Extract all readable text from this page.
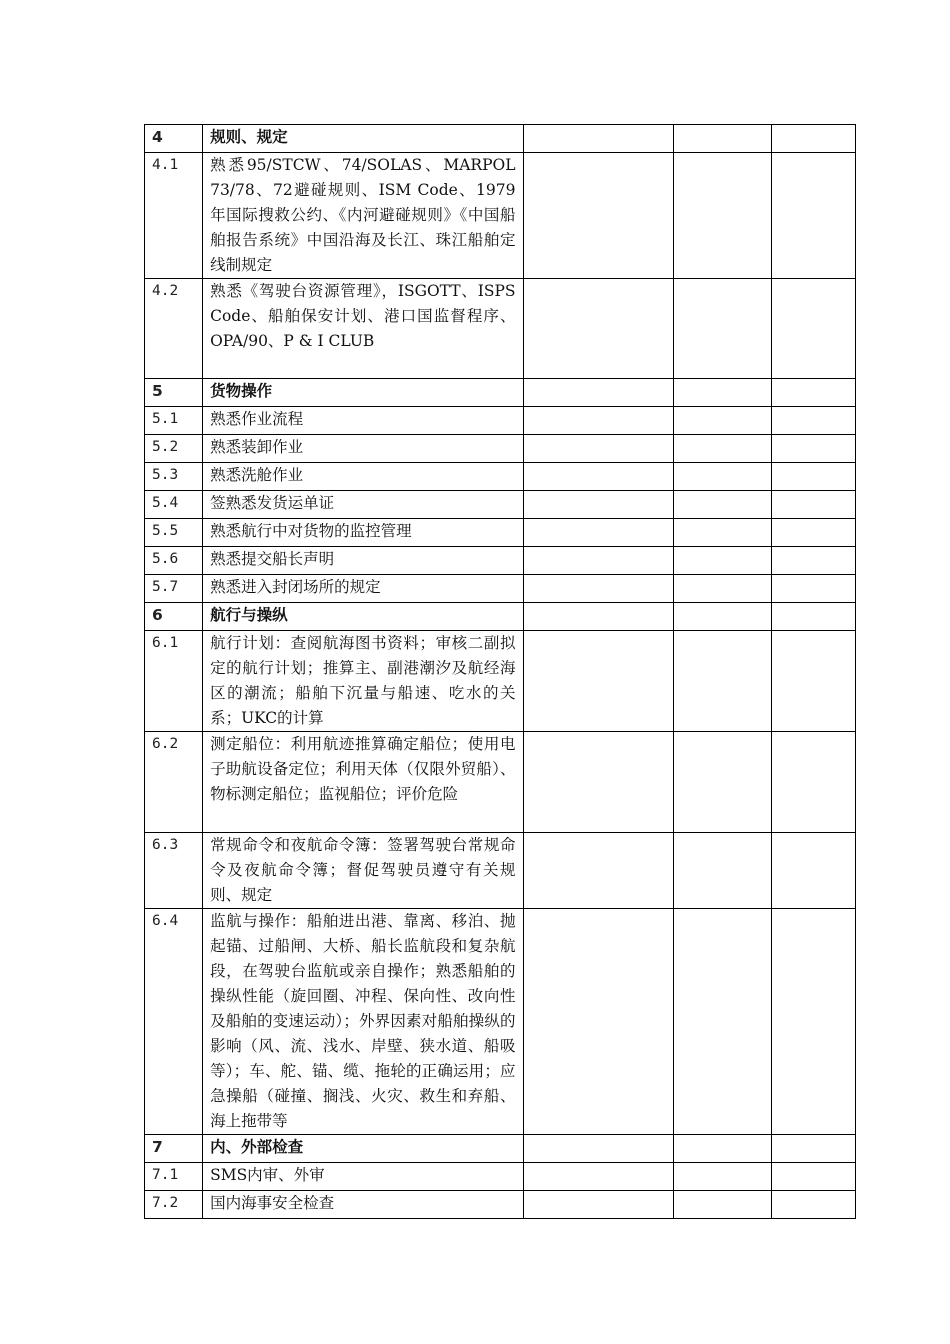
4	规则、规定			
4.1	熟悉95/STCW、74/SOLAS、MARPOL 73/78、72避碰规则、ISM Code、1979年国际搜救公约、《内河避碰规则》《中国船舶报告系统》中国沿海及长江、珠江船舶定线制规定			
4.2	熟悉《驾驶台资源管理》，ISGOTT、ISPS Code、船舶保安计划、港口国监督程序、OPA/90、P & I CLUB			
5	货物操作			
5.1	熟悉作业流程			
5.2	熟悉装卸作业			
5.3	熟悉洗舱作业			
5.4	签熟悉发货运单证			
5.5	熟悉航行中对货物的监控管理			
5.6	熟悉提交船长声明			
5.7	熟悉进入封闭场所的规定			
6	航行与操纵			
6.1	航行计划：查阅航海图书资料；审核二副拟定的航行计划；推算主、副港潮汐及航经海区的潮流；船舶下沉量与船速、吃水的关系；UKC的计算			
6.2	测定船位：利用航迹推算确定船位；使用电子助航设备定位；利用天体（仅限外贸船）、物标测定船位；监视船位；评价危险			
6.3	常规命令和夜航命令簿：签署驾驶台常规命令及夜航命令簿；督促驾驶员遵守有关规则、规定			
6.4	监航与操作：船舶进出港、靠离、移泊、抛起锚、过船闸、大桥、船长监航段和复杂航段，在驾驶台监航或亲自操作；熟悉船舶的操纵性能（旋回圈、冲程、保向性、改向性及船舶的变速运动）；外界因素对船舶操纵的影响（风、流、浅水、岸壁、狭水道、船吸等）；车、舵、锚、缆、拖轮的正确运用；应急操船（碰撞、搁浅、火灾、救生和弃船、海上拖带等			
7	内、外部检查			
7.1	SMS内审、外审			
7.2	国内海事安全检查			
